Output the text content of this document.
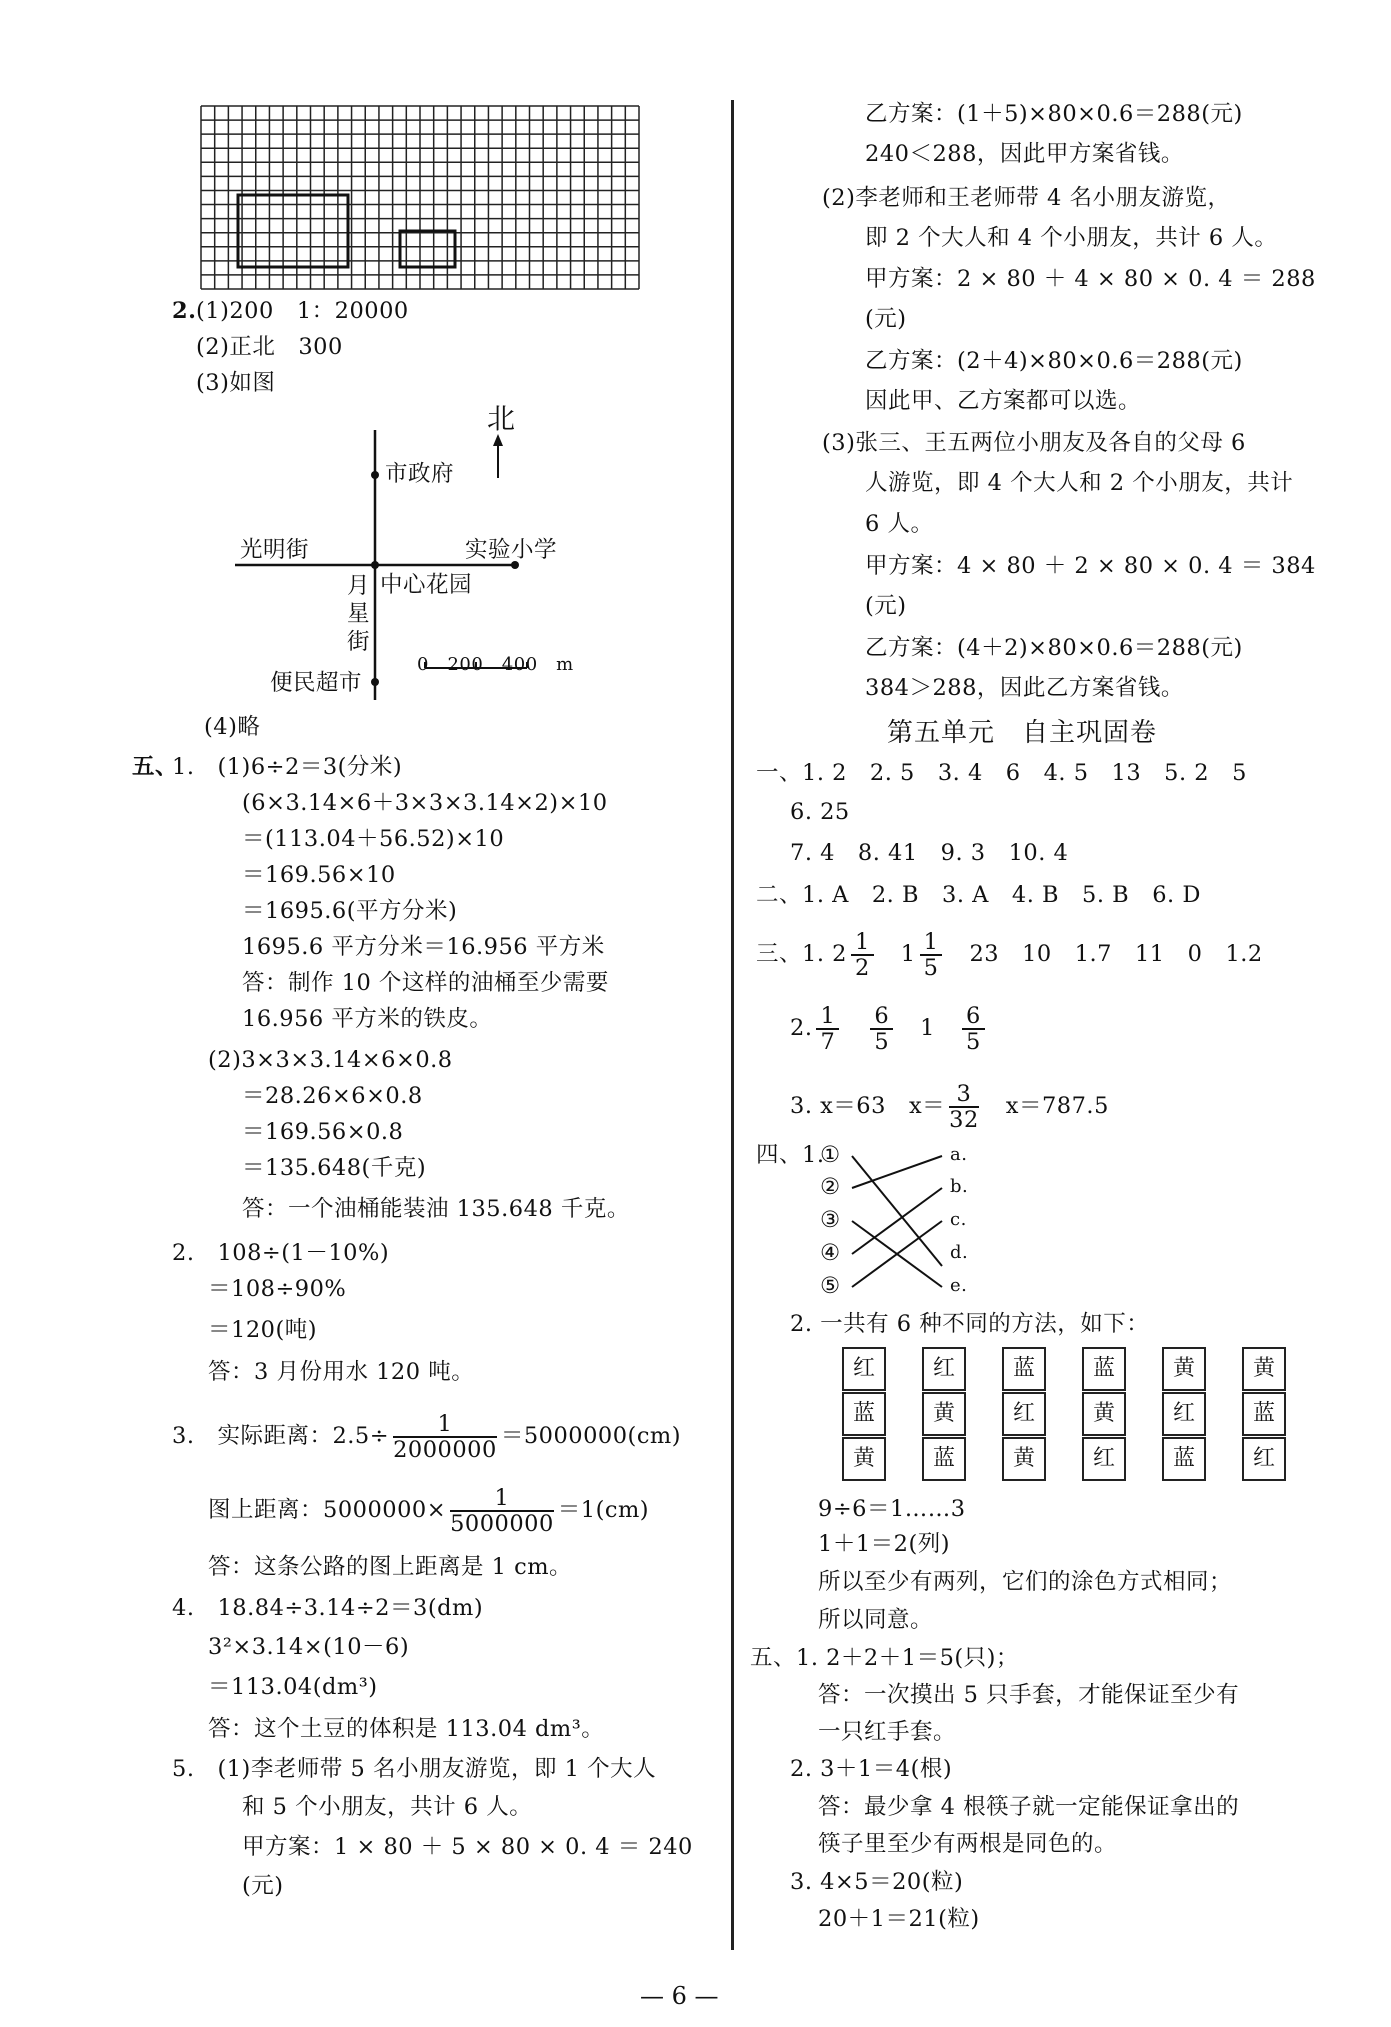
2. (1)200　1：20000
(2)正北　300
(3)如图
北
市政府
光明街	实验小学
中心花园
月星街
0　200　400　m
便民超市
(4)略
五、
1.　(1)6÷2＝3(分米)
(6×3.14×6＋3×3×3.14×2)×10
＝(113.04＋56.52)×10
＝169.56×10
＝1695.6(平方分米)
1695.6 平方分米＝16.956 平方米
答：制作 10 个这样的油桶至少需要
16.956 平方米的铁皮。
(2)3×3×3.14×6×0.8
＝28.26×6×0.8
＝169.56×0.8
＝135.648(千克)
答：一个油桶能装油 135.648 千克。
2.　108÷(1－10%)
＝108÷90%
＝120(吨)
答：3 月份用水 120 吨。
3.　实际距离：$2.5\div \frac{1}{2000000} =5000000(cm)$
图上距离：$5000000\times \frac{1}{5000000} =1(cm)$
答：这条公路的图上距离是 1 cm。
4.　18.84÷3.14÷2＝3(dm)
3²×3.14×(10－6)
＝113.04(dm³)
答：这个土豆的体积是 113.04 dm³。
5.　(1)李老师带 5 名小朋友游览，即 1 个大人
和 5 个小朋友，共计 6 人。
甲方案：1 × 80 ＋ 5 × 80 × 0. 4 ＝ 240
(元)
乙方案：(1＋5)×80×0.6＝288(元)
240＜288，因此甲方案省钱。
(2)李老师和王老师带 4 名小朋友游览，
即 2 个大人和 4 个小朋友，共计 6 人。
甲方案：2 × 80 ＋ 4 × 80 × 0. 4 ＝ 288
(元)
乙方案：(2＋4)×80×0.6＝288(元)
因此甲、乙方案都可以选。
(3)张三、王五两位小朋友及各自的父母 6
人游览，即 4 个大人和 2 个小朋友，共计
6 人。
甲方案：4 × 80 ＋ 2 × 80 × 0. 4 ＝ 384
(元)
乙方案：(4＋2)×80×0.6＝288(元)
384＞288，因此乙方案省钱。
第五单元　自主巩固卷
一、1. 2　2. 5　3. 4　6　4. 5　13　5. 2　5
6. 25
7. 4　8. 41　9. 3　10. 4
二、1. A　2. B　3. A　4. B　5. B　6. D
三、1. $2 \frac{1}{2}$
　 $1 \frac{1}{5}$
　 23　10　1.7　11　0　1.2
2. $\frac{1}{7}$
　 $\frac{6}{5}$
　 1　 $\frac{6}{5}$
3. x＝63　$x= \frac{3}{32}$
　 x＝787.5
四、1.
①
②
③
④
⑤
a.
b.
c.
d.
e.
2. 一共有 6 种不同的方法，如下：
红
蓝
黄
红
黄
蓝
蓝
红
黄
蓝
黄
红
黄
红
蓝
黄
蓝
红
9÷6＝1……3
1＋1＝2(列)
所以至少有两列，它们的涂色方式相同；
所以同意。
五、1. 2＋2＋1＝5(只)；
答：一次摸出 5 只手套，才能保证至少有
一只红手套。
2. 3＋1＝4(根)
答：最少拿 4 根筷子就一定能保证拿出的
筷子里至少有两根是同色的。
3. 4×5＝20(粒)
20＋1＝21(粒)
— 6 —
